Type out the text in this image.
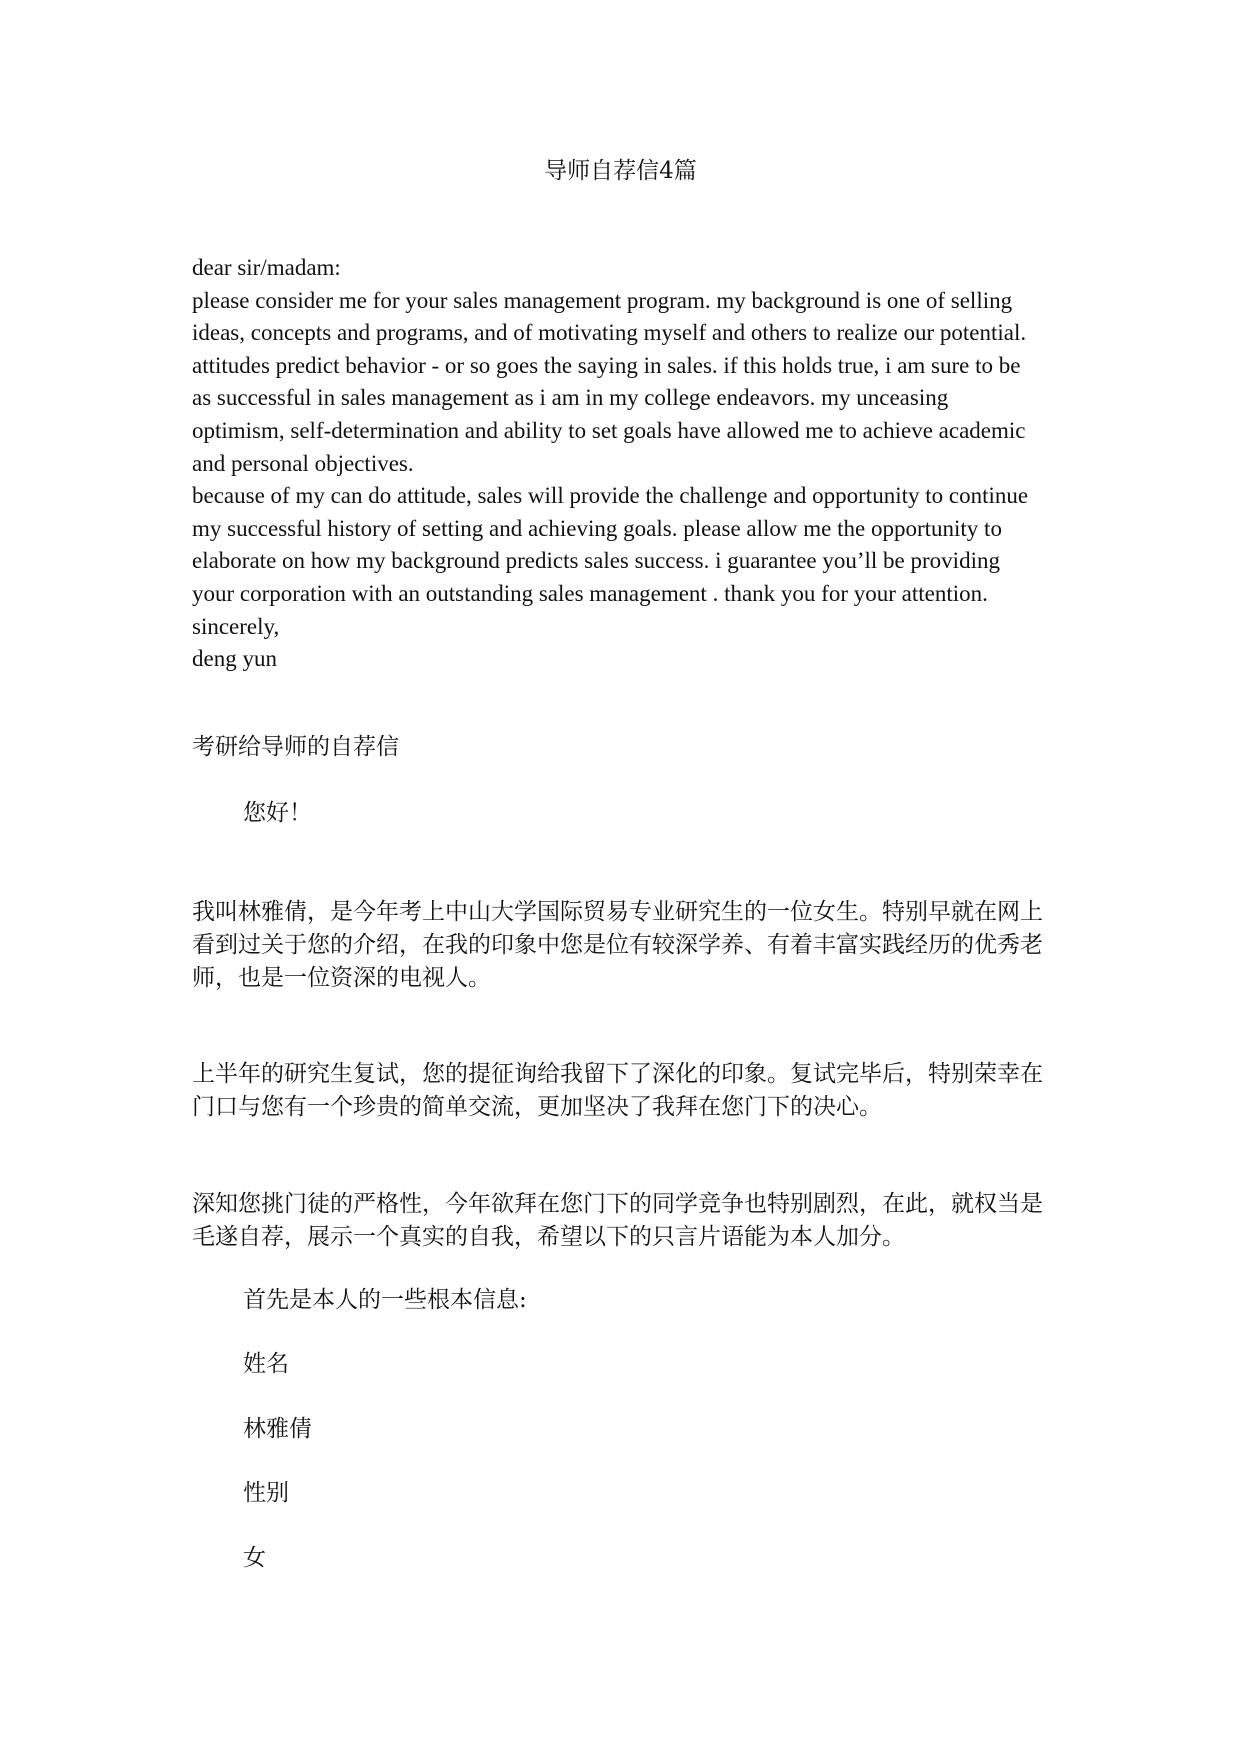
导师自荐信4篇

dear sir/madam:

please consider me for your sales management program. my background is one of selling ideas, concepts and programs, and of motivating myself and others to realize our potential.

attitudes predict behavior - or so goes the saying in sales. if this holds true, i am sure to be as successful in sales management as i am in my college endeavors. my unceasing optimism, self-determination and ability to set goals have allowed me to achieve academic and personal objectives.

because of my can do attitude, sales will provide the challenge and opportunity to continue my successful history of setting and achieving goals. please allow me the opportunity to elaborate on how my background predicts sales success. i guarantee you’ll be providing your corporation with an outstanding sales management . thank you for your attention.

sincerely,

deng yun

考研给导师的自荐信

您好！

我叫林雅倩，是今年考上中山大学国际贸易专业研究生的一位女生。特别早就在网上看到过关于您的介绍，在我的印象中您是位有较深学养、有着丰富实践经历的优秀老师，也是一位资深的电视人。

上半年的研究生复试，您的提征询给我留下了深化的印象。复试完毕后，特别荣幸在门口与您有一个珍贵的简单交流，更加坚决了我拜在您门下的决心。

深知您挑门徒的严格性，今年欲拜在您门下的同学竞争也特别剧烈，在此，就权当是毛遂自荐，展示一个真实的自我，希望以下的只言片语能为本人加分。

首先是本人的一些根本信息:

姓名

林雅倩

性别

女
